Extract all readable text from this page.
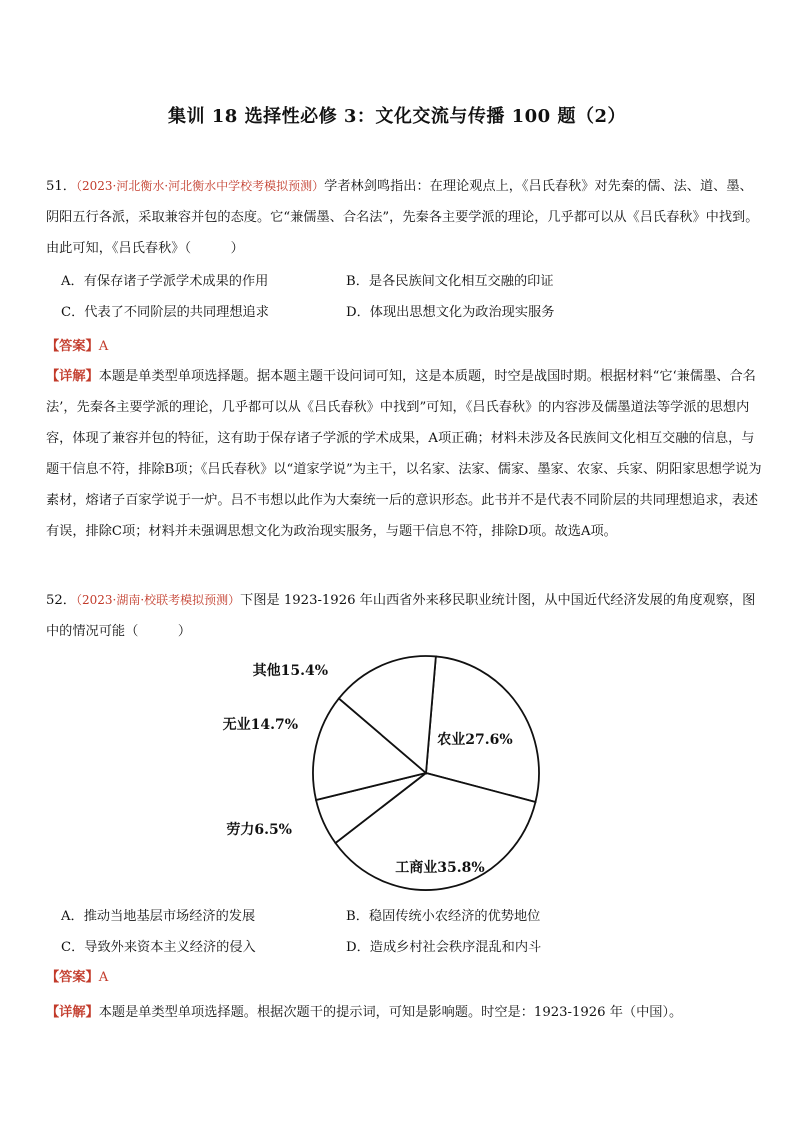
集训 18 选择性必修 3：文化交流与传播 100 题（2）
51．（2023·河北衡水·河北衡水中学校考模拟预测）学者林剑鸣指出：在理论观点上，《吕氏春秋》对先秦的儒、法、道、墨、阴阳五行各派，采取兼容并包的态度。它“兼儒墨、合名法”，先秦各主要学派的理论，几乎都可以从《吕氏春秋》中找到。由此可知，《吕氏春秋》（　　　）
A．有保存诸子学派学术成果的作用	B．是各民族间文化相互交融的印证
C．代表了不同阶层的共同理想追求	D．体现出思想文化为政治现实服务
【答案】A
【详解】本题是单类型单项选择题。据本题主题干设问词可知，这是本质题，时空是战国时期。根据材料“它‘兼儒墨、合名法’，先秦各主要学派的理论，几乎都可以从《吕氏春秋》中找到”可知，《吕氏春秋》的内容涉及儒墨道法等学派的思想内容，体现了兼容并包的特征，这有助于保存诸子学派的学术成果，A项正确；材料未涉及各民族间文化相互交融的信息，与题干信息不符，排除B项；《吕氏春秋》以“道家学说”为主干，以名家、法家、儒家、墨家、农家、兵家、阴阳家思想学说为素材，熔诸子百家学说于一炉。吕不韦想以此作为大秦统一后的意识形态。此书并不是代表不同阶层的共同理想追求，表述有误，排除C项；材料并未强调思想文化为政治现实服务，与题干信息不符，排除D项。故选A项。
52．（2023·湖南·校联考模拟预测）下图是 1923-1926 年山西省外来移民职业统计图，从中国近代经济发展的角度观察，图中的情况可能（　　　）
农业27.6%
工商业35.8%
劳力6.5%
无业14.7%
其他15.4%
A．推动当地基层市场经济的发展	B．稳固传统小农经济的优势地位
C．导致外来资本主义经济的侵入	D．造成乡村社会秩序混乱和内斗
【答案】A
【详解】本题是单类型单项选择题。根据次题干的提示词，可知是影响题。时空是：1923-1926 年（中国）。
